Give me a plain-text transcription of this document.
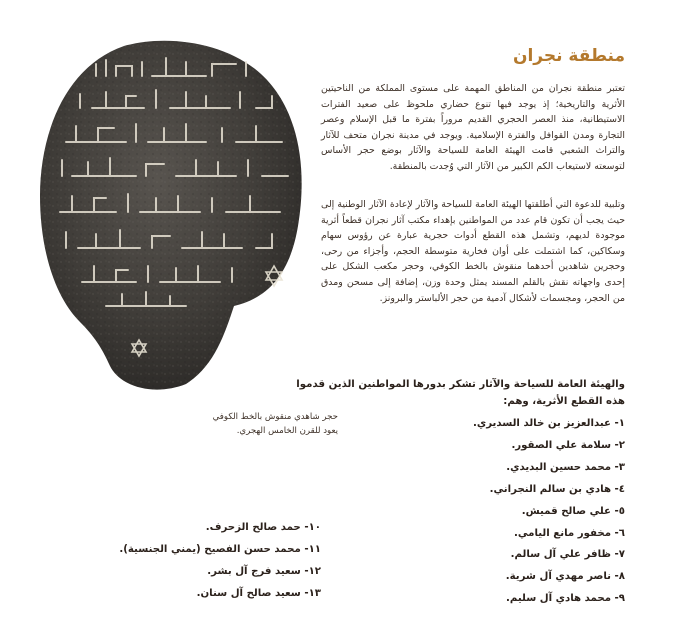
منطقة نجران

حجر شاهدي منقوش بالخط الكوفي
يعود للقرن الخامس الهجري.

تعتبر منطقة نجران من المناطق المهمة على مستوى المملكة من الناحيتين الأثرية والتاريخية؛ إذ يوجد فيها تنوع حضاري ملحوظ على صعيد الفترات الاستيطانية، منذ العصر الحجري القديم مروراً بفترة ما قبل الإسلام وعصر التجارة ومدن القوافل والفترة الإسلامية. ويوجد في مدينة نجران متحف للآثار والتراث الشعبي قامت الهيئة العامة للسياحة والآثار بوضع حجر الأساس لتوسعته لاستيعاب الكم الكبير من الآثار التي وُجدت بالمنطقة.

وتلبية للدعوة التي أطلقتها الهيئة العامة للسياحة والآثار لإعادة الآثار الوطنية إلى حيث يجب أن تكون قام عدد من المواطنين بإهداء مكتب آثار نجران قطعاً أثرية موجودة لديهم، وتشمل هذه القطع أدوات حجرية عبارة عن رؤوس سهام وسكاكين، كما اشتملت على أوان فخارية متوسطة الحجم، وأجزاء من رحى، وحجرين شاهدين أحدهما منقوش بالخط الكوفي، وحجر مكعب الشكل على إحدى واجهاته نقش بالقلم المسند يمثل وحدة وزن، إضافة إلى مسحن ومدق من الحجر، ومجسمات لأشكال آدمية من حجر الألباستر والبرونز.

والهيئة العامة للسياحة والآثار تشكر بدورها المواطنين الذين قدموا هذه القطع الأثرية، وهم:

١- عبدالعزيز بن خالد السديري.
٢- سلامة علي الصقور.
٣- محمد حسين البديدي.
٤- هادي بن سالم النجراني.
٥- علي صالح قميش.
٦- مخفور مانع اليامي.
٧- ظافر علي آل سالم.
٨- ناصر مهدي آل شرية.
٩- محمد هادي آل سليم.
١٠- حمد صالح الزحرف.
١١- محمد حسن الفصيح (يمني الجنسية).
١٢- سعيد فرج آل بشر.
١٣- سعيد صالح آل سنان.
